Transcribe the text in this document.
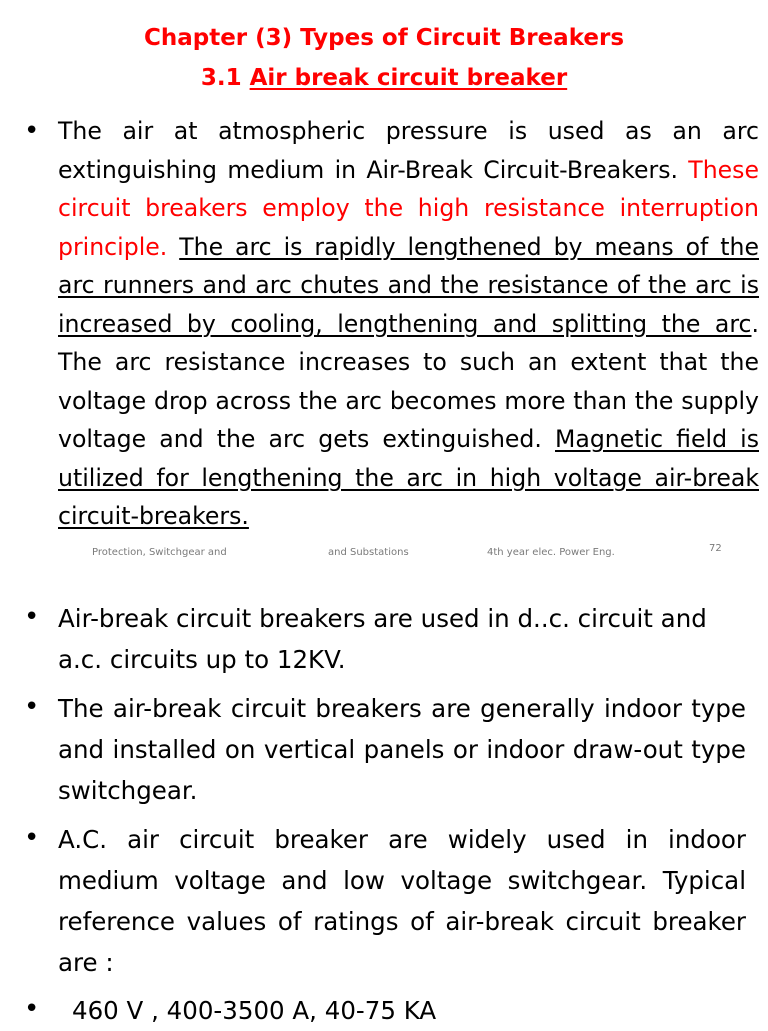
Chapter (3) Types of Circuit Breakers
3.1 Air break circuit breaker
• The air at atmospheric pressure is used as an arc extinguishing medium in Air-Break Circuit-Breakers. These circuit breakers employ the high resistance interruption principle. The arc is rapidly lengthened by means of the arc runners and arc chutes and the resistance of the arc is increased by cooling, lengthening and splitting the arc. The arc resistance increases to such an extent that the voltage drop across the arc becomes more than the supply voltage and the arc gets extinguished. Magnetic field is utilized for lengthening the arc in high voltage air-break circuit-breakers.
Protection, Switchgear and	and Substations	4th year elec. Power Eng.	72
• Air-break circuit breakers are used in d..c. circuit and a.c. circuits up to 12KV.
• The air-break circuit breakers are generally indoor type and installed on vertical panels or indoor draw-out type switchgear.
• A.C. air circuit breaker are widely used in indoor medium voltage and low voltage switchgear. Typical reference values of ratings of air-break circuit breaker are :
• 460 V , 400-3500 A, 40-75 KA
